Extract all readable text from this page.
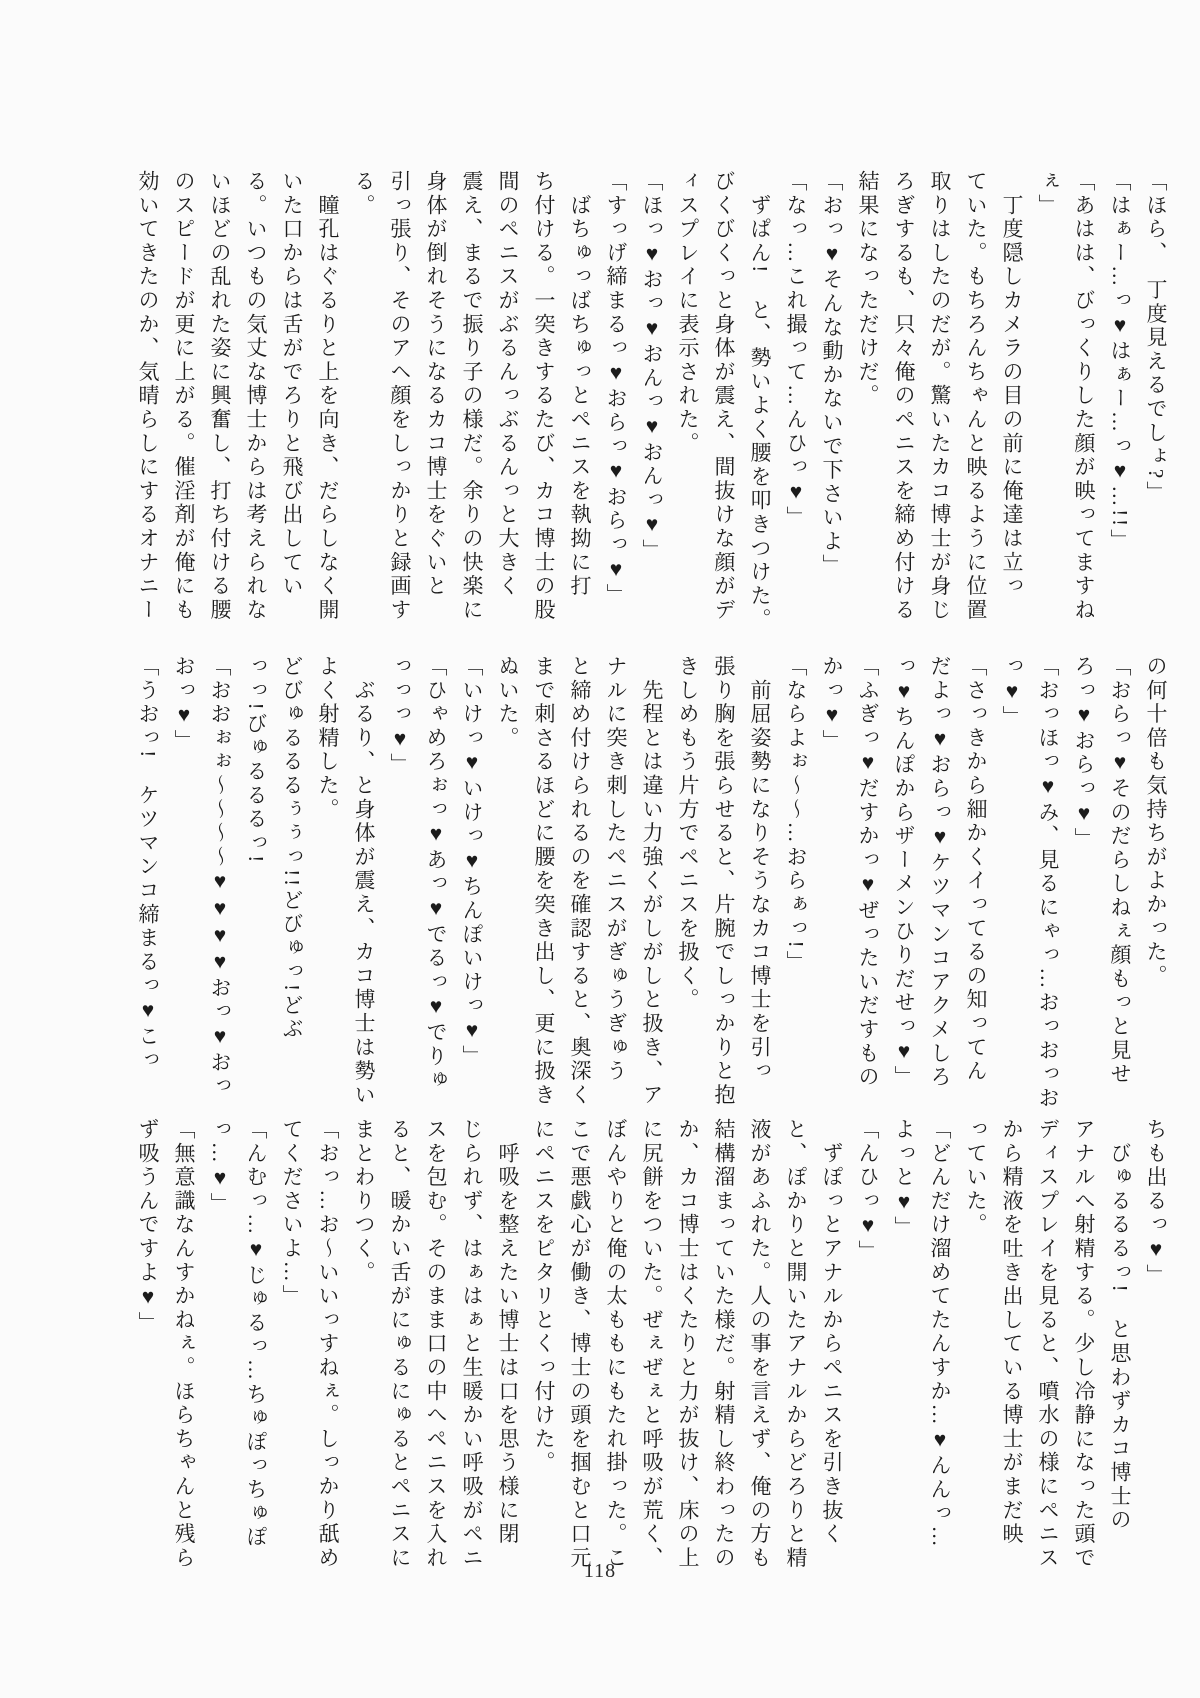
「ほら、　丁度見えるでしょ?」
「はぁー…っ♥はぁー…っ♥…!!」
「あはは、びっくりした顔が映ってますね
ぇ」
　丁度隠しカメラの目の前に俺達は立っ
ていた。もちろんちゃんと映るように位置
取りはしたのだが。驚いたカコ博士が身じ
ろぎするも、只々俺のペニスを締め付ける
結果になっただけだ。
「おっ♥そんな動かないで下さいよ」
「なっ…これ撮って…んひっ♥」
　ずぱん!　と、勢いよく腰を叩きつけた。
びくびくっと身体が震え、間抜けな顔がデ
ィスプレイに表示された。
「ほっ♥おっ♥おんっ♥おんっ♥」
「すっげ締まるっ♥おらっ♥おらっ♥」
　ばちゅっばちゅっとペニスを執拗に打
ち付ける。一突きするたび、カコ博士の股
間のペニスがぶるんっぶるんっと大きく
震え、まるで振り子の様だ。余りの快楽に
身体が倒れそうになるカコ博士をぐいと
引っ張り、そのアヘ顔をしっかりと録画す
る。
　瞳孔はぐるりと上を向き、だらしなく開
いた口からは舌がでろりと飛び出してい
る。いつもの気丈な博士からは考えられな
いほどの乱れた姿に興奮し、打ち付ける腰
のスピードが更に上がる。催淫剤が俺にも
効いてきたのか、気晴らしにするオナニー
の何十倍も気持ちがよかった。
「おらっ♥そのだらしねぇ顔もっと見せ
ろっ♥おらっ♥」
「おっほっ♥み、見るにゃっ…おっおっお
っ♥」
「さっきから細かくイってるの知ってん
だよっ♥おらっ♥ケツマンコアクメしろ
っ♥ちんぽからザーメンひりだせっ♥」
「ふぎっ♥だすかっ♥ぜったいだすもの
かっ♥」
「ならよぉ〜〜…おらぁっ!」
　前屈姿勢になりそうなカコ博士を引っ
張り胸を張らせると、片腕でしっかりと抱
きしめもう片方でペニスを扱く。
　先程とは違い力強くがしがしと扱き、ア
ナルに突き刺したペニスがぎゅうぎゅう
と締め付けられるのを確認すると、奥深く
まで刺さるほどに腰を突き出し、更に扱き
ぬいた。
「いけっ♥いけっ♥ちんぽいけっ♥」
「ひゃめろぉっ♥あっ♥でるっ♥でりゅ
っっっ♥」
　ぶるり、と身体が震え、カコ博士は勢い
よく射精した。
どびゅるるるぅぅっ!!どびゅっ!どぶ
っっ!びゅるるるっ!
「おおぉぉ〜〜〜〜♥♥♥♥おっ♥おっ
おっ♥」
「うおっ!　ケツマンコ締まるっ♥こっ
ちも出るっ♥」
　びゅるるるっ!　と思わずカコ博士の
アナルへ射精する。少し冷静になった頭で
ディスプレイを見ると、噴水の様にペニス
から精液を吐き出している博士がまだ映
っていた。
「どんだけ溜めてたんすか…♥んんっ…
よっと♥」
「んひっ♥」
　ずぽっとアナルからペニスを引き抜く
と、ぽかりと開いたアナルからどろりと精
液があふれた。人の事を言えず、俺の方も
結構溜まっていた様だ。射精し終わったの
か、カコ博士はくたりと力が抜け、床の上
に尻餅をついた。ぜぇぜぇと呼吸が荒く、
ぼんやりと俺の太ももにもたれ掛った。こ
こで悪戯心が働き、博士の頭を掴むと口元
にペニスをピタリとくっ付けた。
　呼吸を整えたい博士は口を思う様に閉
じられず、はぁはぁと生暖かい呼吸がペニ
スを包む。そのまま口の中へペニスを入れ
ると、暖かい舌がにゅるにゅるとペニスに
まとわりつく。
「おっ…お〜いいっすねぇ。しっかり舐め
てくださいよ…」
「んむっ…♥じゅるっ…ちゅぽっちゅぽ
っ…♥」
「無意識なんすかねぇ。ほらちゃんと残ら
ず吸うんですよ♥」
118
